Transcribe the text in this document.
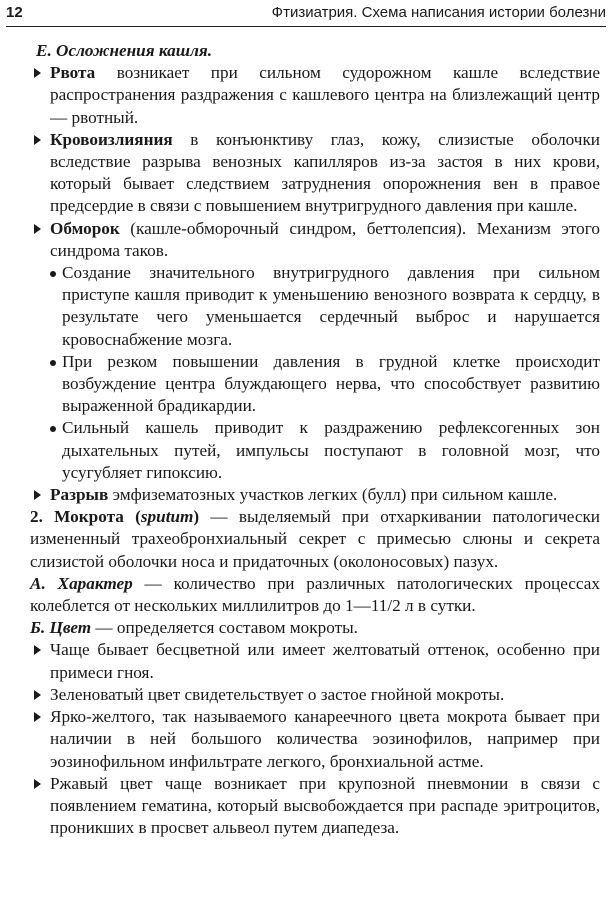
12	Фтизиатрия. Схема написания истории болезни

Е. Осложнения кашля.

Рвота возникает при сильном судорожном кашле вследствие распространения раздражения с кашлевого центра на близлежащий центр — рвотный.
Кровоизлияния в конъюнктиву глаз, кожу, слизистые оболочки вследствие разрыва венозных капилляров из-за застоя в них крови, который бывает следствием затруднения опорожнения вен в правое предсердие в связи с повышением внутригрудного давления при кашле.
Обморок (кашле-обморочный синдром, беттолепсия). Механизм этого синдрома таков.
Создание значительного внутригрудного давления при сильном приступе кашля приводит к уменьшению венозного возврата к сердцу, в результате чего уменьшается сердечный выброс и нарушается кровоснабжение мозга.
При резком повышении давления в грудной клетке происходит возбуждение центра блуждающего нерва, что способствует развитию выраженной брадикардии.
Сильный кашель приводит к раздражению рефлексогенных зон дыхательных путей, импульсы поступают в головной мозг, что усугубляет гипоксию.
Разрыв эмфизематозных участков легких (булл) при сильном кашле.

2. Мокрота (sputum) — выделяемый при отхаркивании патологически измененный трахеобронхиальный секрет с примесью слюны и секрета слизистой оболочки носа и придаточных (околоносовых) пазух.

А. Характер — количество при различных патологических процессах колеблется от нескольких миллилитров до 1—11/2 л в сутки.

Б. Цвет — определяется составом мокроты.

Чаще бывает бесцветной или имеет желтоватый оттенок, особенно при примеси гноя.
Зеленоватый цвет свидетельствует о застое гнойной мокроты.
Ярко-желтого, так называемого канареечного цвета мокрота бывает при наличии в ней большого количества эозинофилов, например при эозинофильном инфильтрате легкого, бронхиальной астме.
Ржавый цвет чаще возникает при крупозной пневмонии в связи с появлением гематина, который высвобождается при распаде эритроцитов, проникших в просвет альвеол путем диапедеза.
